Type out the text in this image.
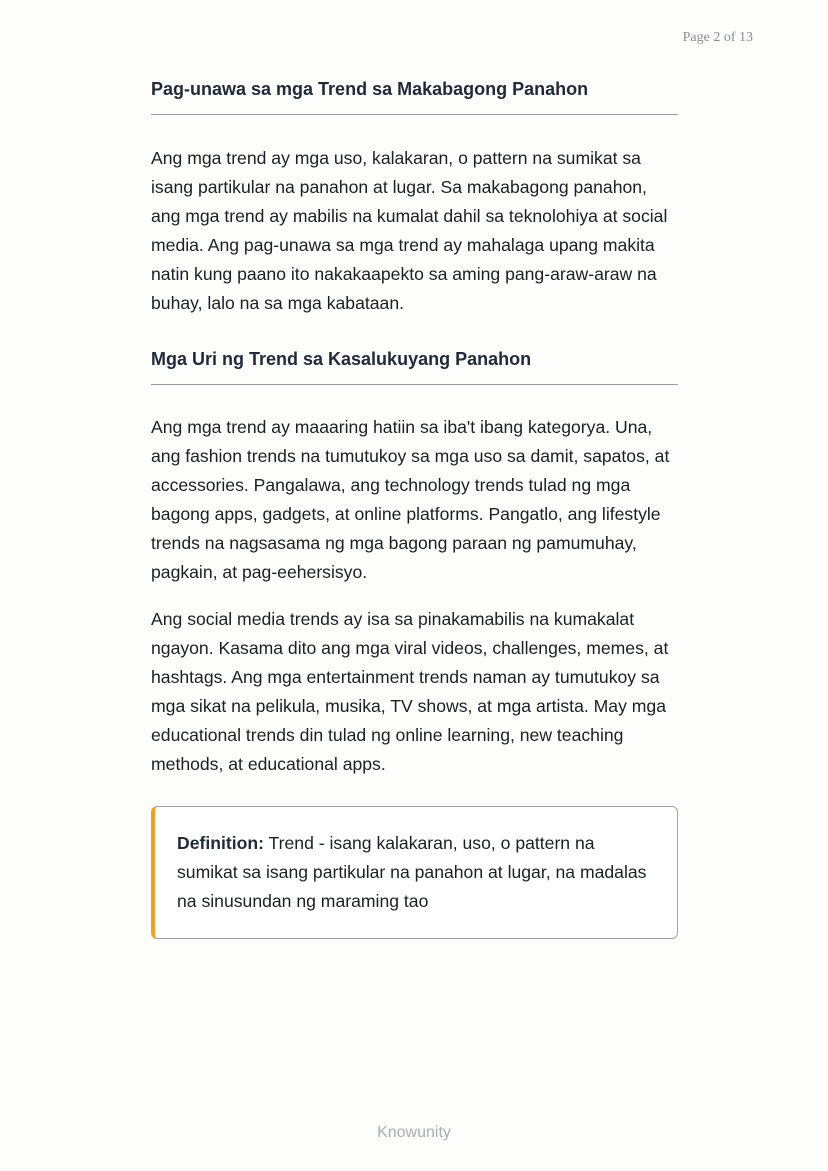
Page 2 of 13
Pag-unawa sa mga Trend sa Makabagong Panahon

Ang mga trend ay mga uso, kalakaran, o pattern na sumikat sa isang partikular na panahon at lugar. Sa makabagong panahon, ang mga trend ay mabilis na kumalat dahil sa teknolohiya at social media. Ang pag-unawa sa mga trend ay mahalaga upang makita natin kung paano ito nakakaapekto sa aming pang-araw-araw na buhay, lalo na sa mga kabataan.

Mga Uri ng Trend sa Kasalukuyang Panahon

Ang mga trend ay maaaring hatiin sa iba't ibang kategorya. Una, ang fashion trends na tumutukoy sa mga uso sa damit, sapatos, at accessories. Pangalawa, ang technology trends tulad ng mga bagong apps, gadgets, at online platforms. Pangatlo, ang lifestyle trends na nagsasama ng mga bagong paraan ng pamumuhay, pagkain, at pag-eehersisyo.

Ang social media trends ay isa sa pinakamabilis na kumakalat ngayon. Kasama dito ang mga viral videos, challenges, memes, at hashtags. Ang mga entertainment trends naman ay tumutukoy sa mga sikat na pelikula, musika, TV shows, at mga artista. May mga educational trends din tulad ng online learning, new teaching methods, at educational apps.

Definition: Trend - isang kalakaran, uso, o pattern na sumikat sa isang partikular na panahon at lugar, na madalas na sinusundan ng maraming tao

Knowunity
